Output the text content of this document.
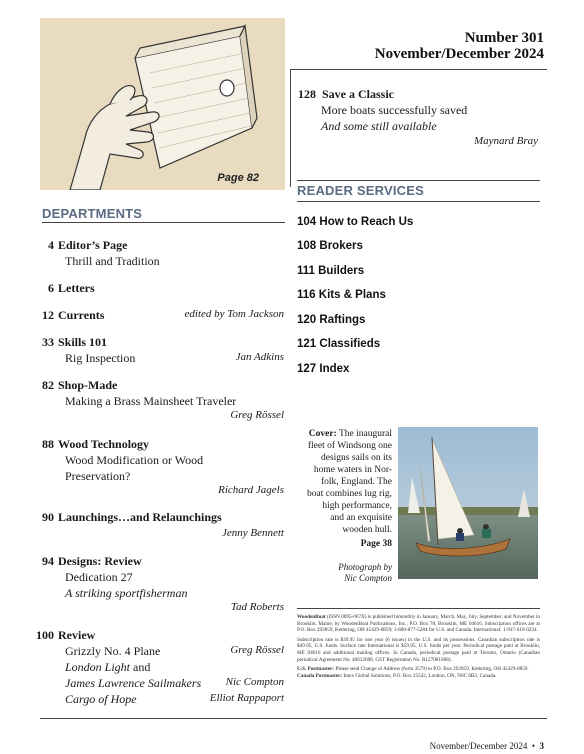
Page 82
Number 301
November/December 2024
128 Save a Classic
More boats successfully saved
And some still available
Maynard Bray
READER SERVICES
104 How to Reach Us
108 Brokers
111 Builders
116 Kits & Plans
120 Raftings
121 Classifieds
127 Index
DEPARTMENTS
4 Editor’s Page
Thrill and Tradition
6 Letters
12 Currents	edited by Tom Jackson
33 Skills 101
Rig Inspection	Jan Adkins
82 Shop-Made
Making a Brass Mainsheet Traveler
Greg Rössel
88 Wood Technology
Wood Modification or Wood
Preservation?
Richard Jagels
90 Launchings…and Relaunchings
Jenny Bennett
94 Designs: Review
Dedication 27
A striking sportfisherman
Tad Roberts
100 Review
Grizzly No. 4 Plane
London Light and
James Lawrence Sailmakers
Cargo of Hope
Greg Rössel
Nic Compton
Elliot Rappaport
Cover: The inaugural
fleet of Windsong one
designs sails on its
home waters in Nor-
folk, England. The
boat combines lug rig,
high performance,
and an exquisite
wooden hull.
Page 38
Photograph by
Nic Compton

WoodenBoat (ISSN 0095-067X) is published bimonthly in January, March, May, July, September, and November in Brooklin, Maine, by WoodenBoat Publications, Inc., P.O. Box 78, Brooklin, ME 04616. Subscription offices are at P.O. Box 292859, Kettering, OH 45429-0859; 1-800-877-5284 for U.S. and Canada. International: 1-937-610-0234.

Subscription rate is $39.95 for one year (6 issues) in the U.S. and its possessions. Canadian subscription rate is $49.95, U.S. funds. Surface rate International is $59.95, U.S. funds per year. Periodical postage paid at Brooklin, ME 04616 and additional mailing offices. In Canada, periodical postage paid at Toronto, Ontario (Canadian periodical Agreement No. 40612608, GST Registration No. R127081008).

U.S. Postmaster: Please send Change of Address (form 3579) to P.O. Box 292859, Kettering, OH 45429-0859.

Canada Postmaster: Imex Global Solutions, P.O. Box 25542, London, ON, N6C 6B2, Canada.

November/December 2024 • 3
